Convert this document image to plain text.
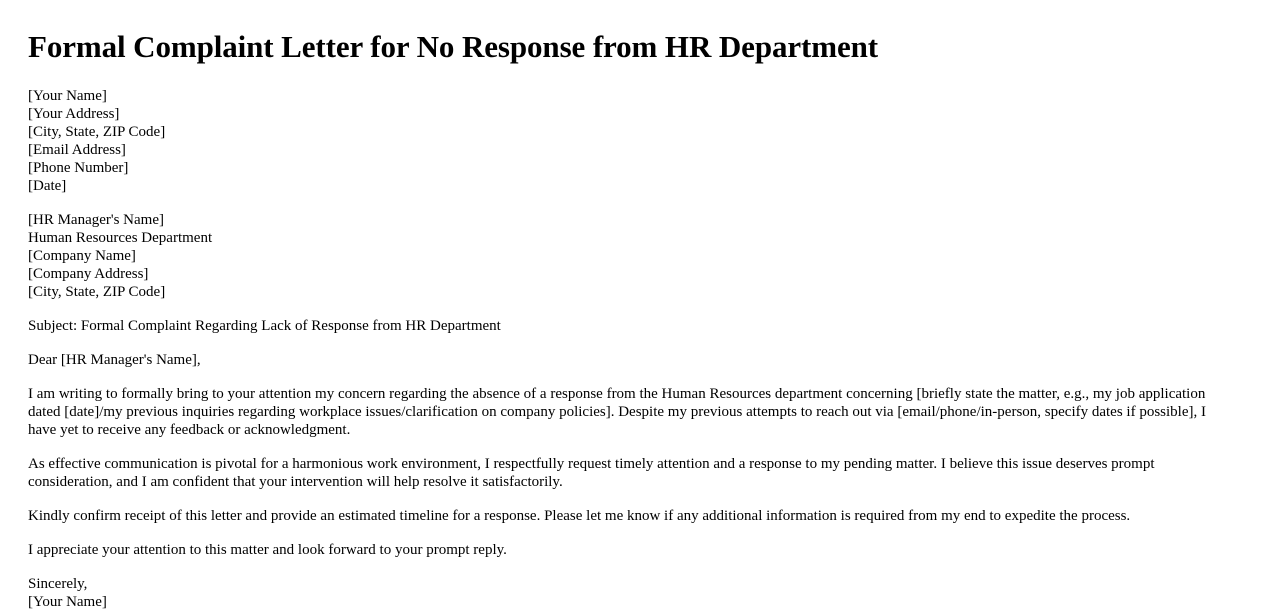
Formal Complaint Letter for No Response from HR Department
[Your Name]
[Your Address]
[City, State, ZIP Code]
[Email Address]
[Phone Number]
[Date]
[HR Manager's Name]
Human Resources Department
[Company Name]
[Company Address]
[City, State, ZIP Code]

Subject: Formal Complaint Regarding Lack of Response from HR Department

Dear [HR Manager's Name],

I am writing to formally bring to your attention my concern regarding the absence of a response from the Human Resources department concerning [briefly state the matter, e.g., my job application dated [date]/my previous inquiries regarding workplace issues/clarification on company policies]. Despite my previous attempts to reach out via [email/phone/in-person, specify dates if possible], I have yet to receive any feedback or acknowledgment.

As effective communication is pivotal for a harmonious work environment, I respectfully request timely attention and a response to my pending matter. I believe this issue deserves prompt consideration, and I am confident that your intervention will help resolve it satisfactorily.

Kindly confirm receipt of this letter and provide an estimated timeline for a response. Please let me know if any additional information is required from my end to expedite the process.

I appreciate your attention to this matter and look forward to your prompt reply.

Sincerely,
[Your Name]
